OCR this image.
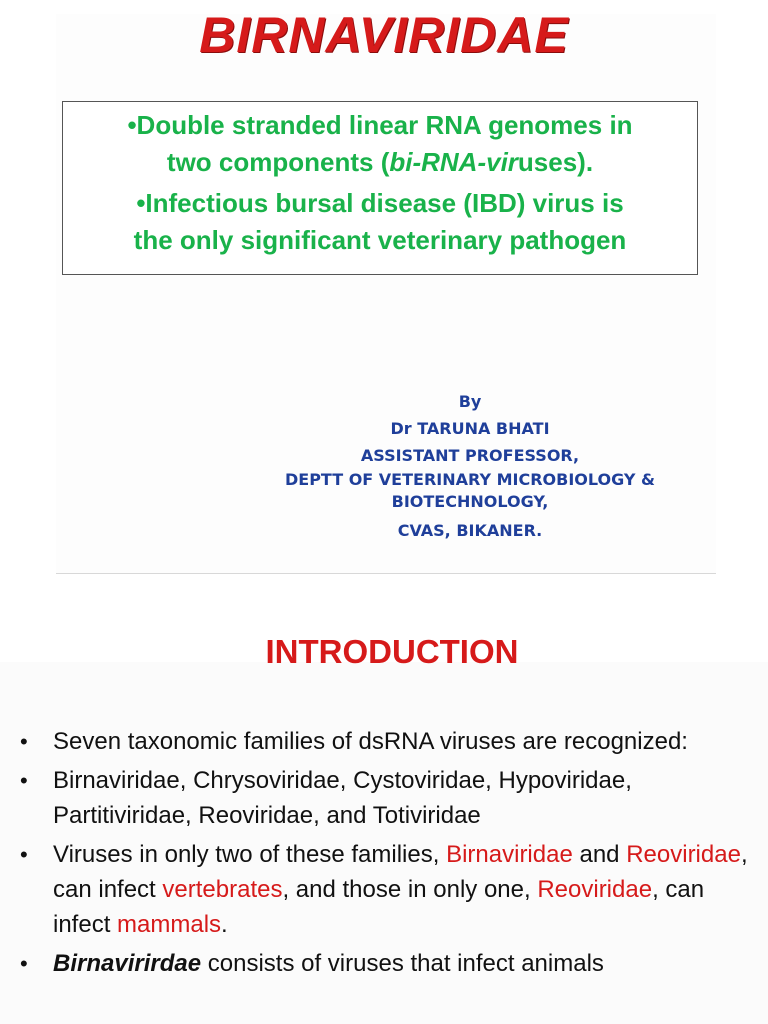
BIRNAVIRIDAE

•Double stranded linear RNA genomes in
two components (bi-RNA-viruses).

•Infectious bursal disease (IBD) virus is
the only significant veterinary pathogen

By
Dr TARUNA BHATI
ASSISTANT PROFESSOR,
DEPTT OF VETERINARY MICROBIOLOGY &
BIOTECHNOLOGY,
CVAS, BIKANER.
INTRODUCTION
• Seven taxonomic families of dsRNA viruses are recognized:
• Birnaviridae, Chrysoviridae, Cystoviridae, Hypoviridae, Partitiviridae, Reoviridae, and Totiviridae
• Viruses in only two of these families, Birnaviridae and Reoviridae, can infect vertebrates, and those in only one, Reoviridae, can infect mammals.
• Birnavirirdae consists of viruses that infect animals
